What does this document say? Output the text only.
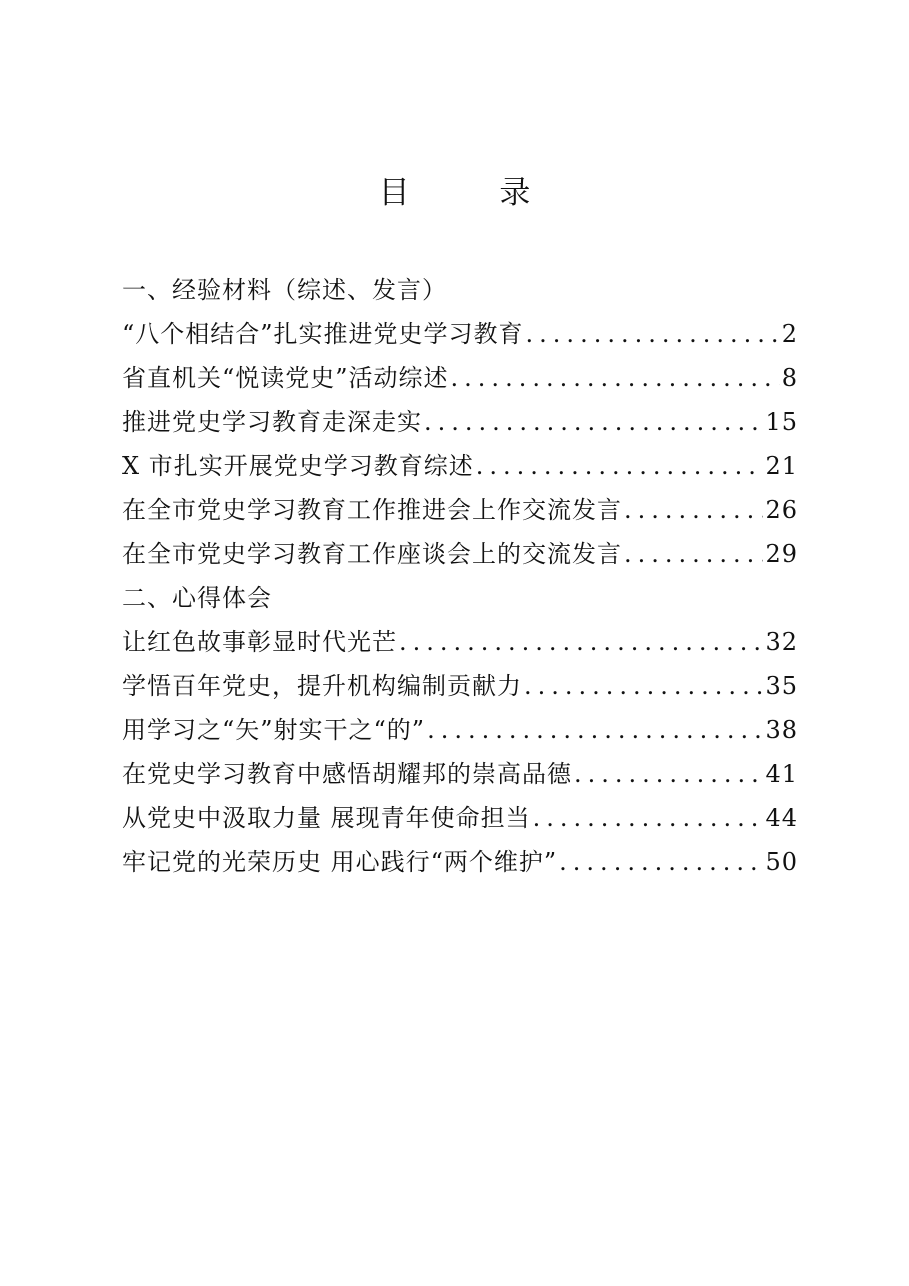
目 录
一、经验材料（综述、发言）
“八个相结合”扎实推进党史学习教育 .....	2
省直机关“悦读党史”活动综述 .....	8
推进党史学习教育走深走实 .....	15
X 市扎实开展党史学习教育综述 .....	21
在全市党史学习教育工作推进会上作交流发言 .....	26
在全市党史学习教育工作座谈会上的交流发言 .....	29
二、心得体会
让红色故事彰显时代光芒 .....	32
学悟百年党史，提升机构编制贡献力 .....	35
用学习之“矢”射实干之“的” .....	38
在党史学习教育中感悟胡耀邦的崇高品德 .....	41
从党史中汲取力量 展现青年使命担当 .....	44
牢记党的光荣历史 用心践行“两个维护” .....	50
